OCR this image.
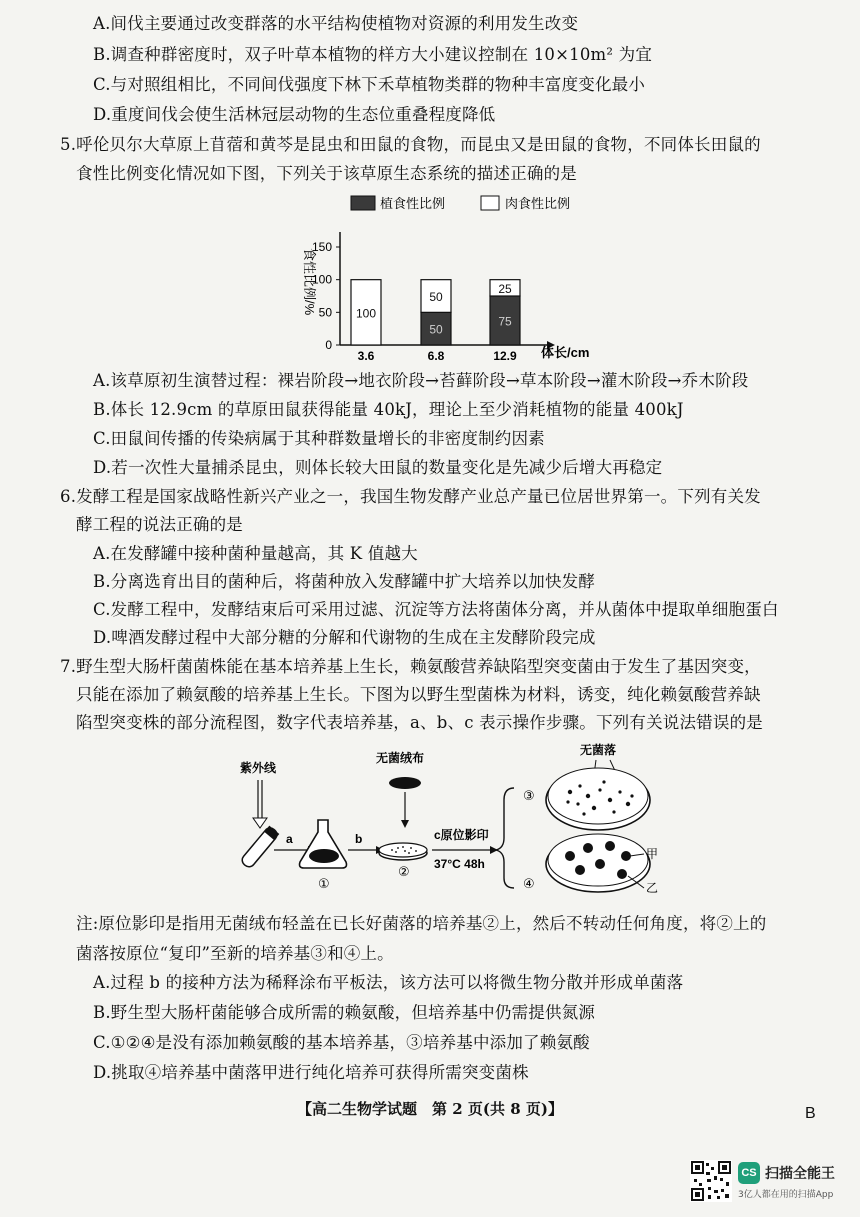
A.间伐主要通过改变群落的水平结构使植物对资源的利用发生改变
B.调查种群密度时，双子叶草本植物的样方大小建议控制在 10×10m² 为宜
C.与对照组相比，不同间伐强度下林下禾草植物类群的物种丰富度变化最小
D.重度间伐会使生活林冠层动物的生态位重叠程度降低
5.呼伦贝尔大草原上苜蓿和黄芩是昆虫和田鼠的食物，而昆虫又是田鼠的食物，不同体长田鼠的
食性比例变化情况如下图，下列关于该草原生态系统的描述正确的是
植食性比例	肉食性比例
体长/cm
食性比例/%
0
50
100
150
100
3.6
50
50
6.8
75
25
12.9
A.该草原初生演替过程：裸岩阶段→地衣阶段→苔藓阶段→草本阶段→灌木阶段→乔木阶段
B.体长 12.9cm 的草原田鼠获得能量 40kJ，理论上至少消耗植物的能量 400kJ
C.田鼠间传播的传染病属于其种群数量增长的非密度制约因素
D.若一次性大量捕杀昆虫，则体长较大田鼠的数量变化是先减少后增大再稳定
6.发酵工程是国家战略性新兴产业之一，我国生物发酵产业总产量已位居世界第一。下列有关发
酵工程的说法正确的是
A.在发酵罐中接种菌种量越高，其 K 值越大
B.分离选育出目的菌种后，将菌种放入发酵罐中扩大培养以加快发酵
C.发酵工程中，发酵结束后可采用过滤、沉淀等方法将菌体分离，并从菌体中提取单细胞蛋白
D.啤酒发酵过程中大部分糖的分解和代谢物的生成在主发酵阶段完成
7.野生型大肠杆菌菌株能在基本培养基上生长，赖氨酸营养缺陷型突变菌由于发生了基因突变，
只能在添加了赖氨酸的培养基上生长。下图为以野生型菌株为材料，诱变，纯化赖氨酸营养缺
陷型突变株的部分流程图，数字代表培养基，a、b、c 表示操作步骤。下列有关说法错误的是
紫外线
a
①
b
无菌绒布
②
c原位影印
37°C 48h
③
无菌落
④
甲
乙
注:原位影印是指用无菌绒布轻盖在已长好菌落的培养基②上，然后不转动任何角度，将②上的
菌落按原位“复印”至新的培养基③和④上。
A.过程 b 的接种方法为稀释涂布平板法，该方法可以将微生物分散并形成单菌落
B.野生型大肠杆菌能够合成所需的赖氨酸，但培养基中仍需提供氮源
C.①②④是没有添加赖氨酸的基本培养基，③培养基中添加了赖氨酸
D.挑取④培养基中菌落甲进行纯化培养可获得所需突变菌株
【高二生物学试题　第 2 页(共 8 页)】	B
CS 扫描全能王
3亿人都在用的扫描App
